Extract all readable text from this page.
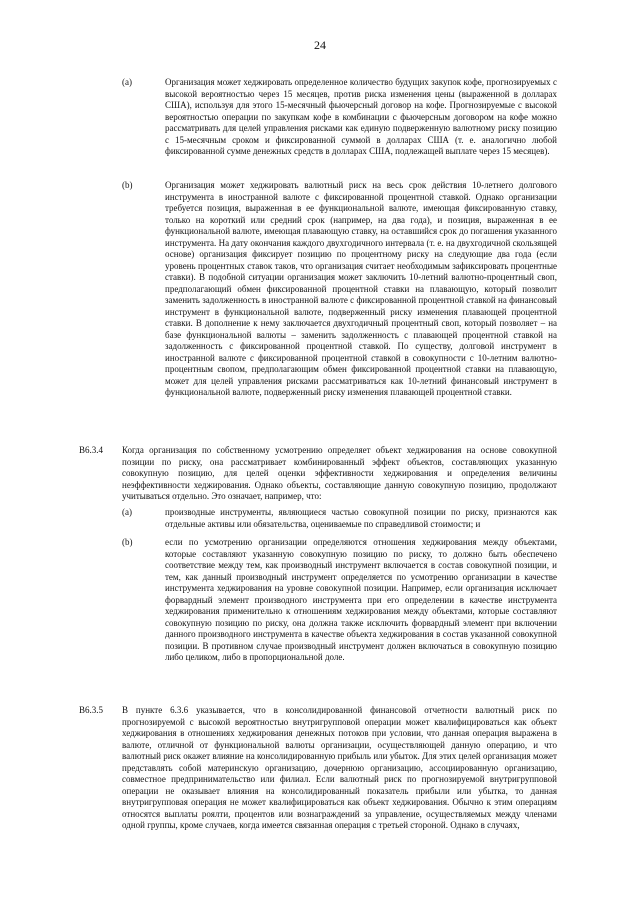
24
(a)	Организация может хеджировать определенное количество будущих закупок кофе, прогнозируемых с высокой вероятностью через 15 месяцев, против риска изменения цены (выраженной в долларах США), используя для этого 15-месячный фьючерсный договор на кофе. Прогнозируемые с высокой вероятностью операции по закупкам кофе в комбинации с фьючерсным договором на кофе можно рассматривать для целей управления рисками как единую подверженную валютному риску позицию с 15-месячным сроком и фиксированной суммой в долларах США (т. е. аналогично любой фиксированной сумме денежных средств в долларах США, подлежащей выплате через 15 месяцев).
(b)	Организация может хеджировать валютный риск на весь срок действия 10-летнего долгового инструмента в иностранной валюте с фиксированной процентной ставкой. Однако организации требуется позиция, выраженная в ее функциональной валюте, имеющая фиксированную ставку, только на короткий или средний срок (например, на два года), и позиция, выраженная в ее функциональной валюте, имеющая плавающую ставку, на оставшийся срок до погашения указанного инструмента. На дату окончания каждого двухгодичного интервала (т. е. на двухгодичной скользящей основе) организация фиксирует позицию по процентному риску на следующие два года (если уровень процентных ставок таков, что организация считает необходимым зафиксировать процентные ставки). В подобной ситуации организация может заключить 10-летний валютно-процентный своп, предполагающий обмен фиксированной процентной ставки на плавающую, который позволит заменить задолженность в иностранной валюте с фиксированной процентной ставкой на финансовый инструмент в функциональной валюте, подверженный риску изменения плавающей процентной ставки. В дополнение к нему заключается двухгодичный процентный своп, который позволяет – на базе функциональной валюты – заменить задолженность с плавающей процентной ставкой на задолженность с фиксированной процентной ставкой. По существу, долговой инструмент в иностранной валюте с фиксированной процентной ставкой в совокупности с 10-летним валютно-процентным свопом, предполагающим обмен фиксированной процентной ставки на плавающую, может для целей управления рисками рассматриваться как 10-летний финансовый инструмент в функциональной валюте, подверженный риску изменения плавающей процентной ставки.
B6.3.4 Когда организация по собственному усмотрению определяет объект хеджирования на основе совокупной позиции по риску, она рассматривает комбинированный эффект объектов, составляющих указанную совокупную позицию, для целей оценки эффективности хеджирования и определения величины неэффективности хеджирования. Однако объекты, составляющие данную совокупную позицию, продолжают учитываться отдельно. Это означает, например, что:
(a)	производные инструменты, являющиеся частью совокупной позиции по риску, признаются как отдельные активы или обязательства, оцениваемые по справедливой стоимости; и
(b)	если по усмотрению организации определяются отношения хеджирования между объектами, которые составляют указанную совокупную позицию по риску, то должно быть обеспечено соответствие между тем, как производный инструмент включается в состав совокупной позиции, и тем, как данный производный инструмент определяется по усмотрению организации в качестве инструмента хеджирования на уровне совокупной позиции. Например, если организация исключает форвардный элемент производного инструмента при его определении в качестве инструмента хеджирования применительно к отношениям хеджирования между объектами, которые составляют совокупную позицию по риску, она должна также исключить форвардный элемент при включении данного производного инструмента в качестве объекта хеджирования в состав указанной совокупной позиции. В противном случае производный инструмент должен включаться в совокупную позицию либо целиком, либо в пропорциональной доле.
B6.3.5 В пункте 6.3.6 указывается, что в консолидированной финансовой отчетности валютный риск по прогнозируемой с высокой вероятностью внутригрупповой операции может квалифицироваться как объект хеджирования в отношениях хеджирования денежных потоков при условии, что данная операция выражена в валюте, отличной от функциональной валюты организации, осуществляющей данную операцию, и что валютный риск окажет влияние на консолидированную прибыль или убыток. Для этих целей организация может представлять собой материнскую организацию, дочернюю организацию, ассоциированную организацию, совместное предпринимательство или филиал. Если валютный риск по прогнозируемой внутригрупповой операции не оказывает влияния на консолидированный показатель прибыли или убытка, то данная внутригрупповая операция не может квалифицироваться как объект хеджирования. Обычно к этим операциям относятся выплаты роялти, процентов или вознаграждений за управление, осуществляемых между членами одной группы, кроме случаев, когда имеется связанная операция с третьей стороной. Однако в случаях,
